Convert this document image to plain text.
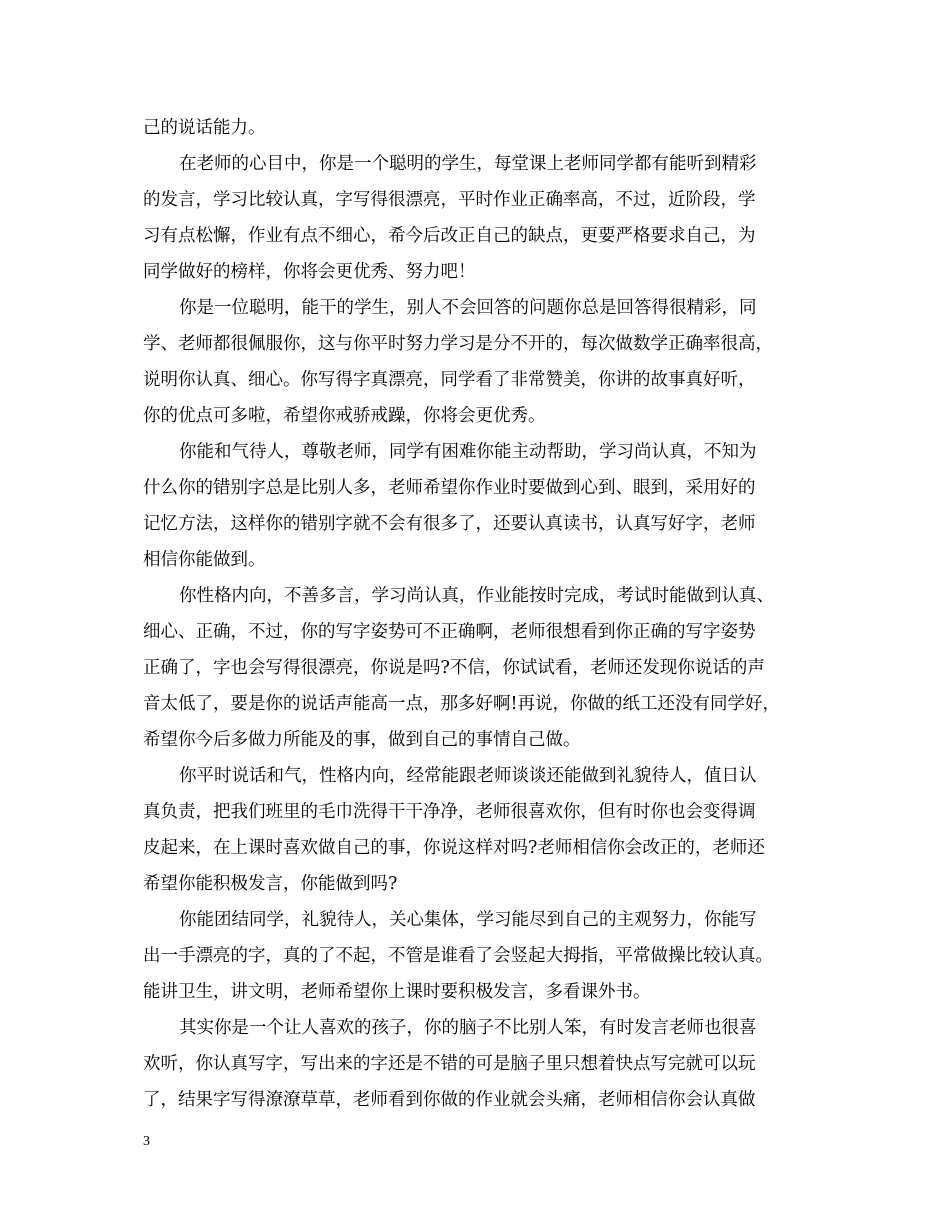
己的说话能力。
在老师的心目中，你是一个聪明的学生，每堂课上老师同学都有能听到精彩
的发言，学习比较认真，字写得很漂亮，平时作业正确率高，不过，近阶段，学
习有点松懈，作业有点不细心，希今后改正自己的缺点，更要严格要求自己，为
同学做好的榜样，你将会更优秀、努力吧！
你是一位聪明，能干的学生，别人不会回答的问题你总是回答得很精彩，同
学、老师都很佩服你，这与你平时努力学习是分不开的，每次做数学正确率很高，
说明你认真、细心。你写得字真漂亮，同学看了非常赞美，你讲的故事真好听，
你的优点可多啦，希望你戒骄戒躁，你将会更优秀。
你能和气待人，尊敬老师，同学有困难你能主动帮助，学习尚认真，不知为
什么你的错别字总是比别人多，老师希望你作业时要做到心到、眼到，采用好的
记忆方法，这样你的错别字就不会有很多了，还要认真读书，认真写好字，老师
相信你能做到。
你性格内向，不善多言，学习尚认真，作业能按时完成，考试时能做到认真、
细心、正确，不过，你的写字姿势可不正确啊，老师很想看到你正确的写字姿势
正确了，字也会写得很漂亮，你说是吗?不信，你试试看，老师还发现你说话的声
音太低了，要是你的说话声能高一点，那多好啊!再说，你做的纸工还没有同学好，
希望你今后多做力所能及的事，做到自己的事情自己做。
你平时说话和气，性格内向，经常能跟老师谈谈还能做到礼貌待人，值日认
真负责，把我们班里的毛巾洗得干干净净，老师很喜欢你，但有时你也会变得调
皮起来，在上课时喜欢做自己的事，你说这样对吗?老师相信你会改正的，老师还
希望你能积极发言，你能做到吗?
你能团结同学，礼貌待人，关心集体，学习能尽到自己的主观努力，你能写
出一手漂亮的字，真的了不起，不管是谁看了会竖起大拇指，平常做操比较认真。
能讲卫生，讲文明，老师希望你上课时要积极发言，多看课外书。
其实你是一个让人喜欢的孩子，你的脑子不比别人笨，有时发言老师也很喜
欢听，你认真写字，写出来的字还是不错的可是脑子里只想着快点写完就可以玩
了，结果字写得潦潦草草，老师看到你做的作业就会头痛，老师相信你会认真做
3
